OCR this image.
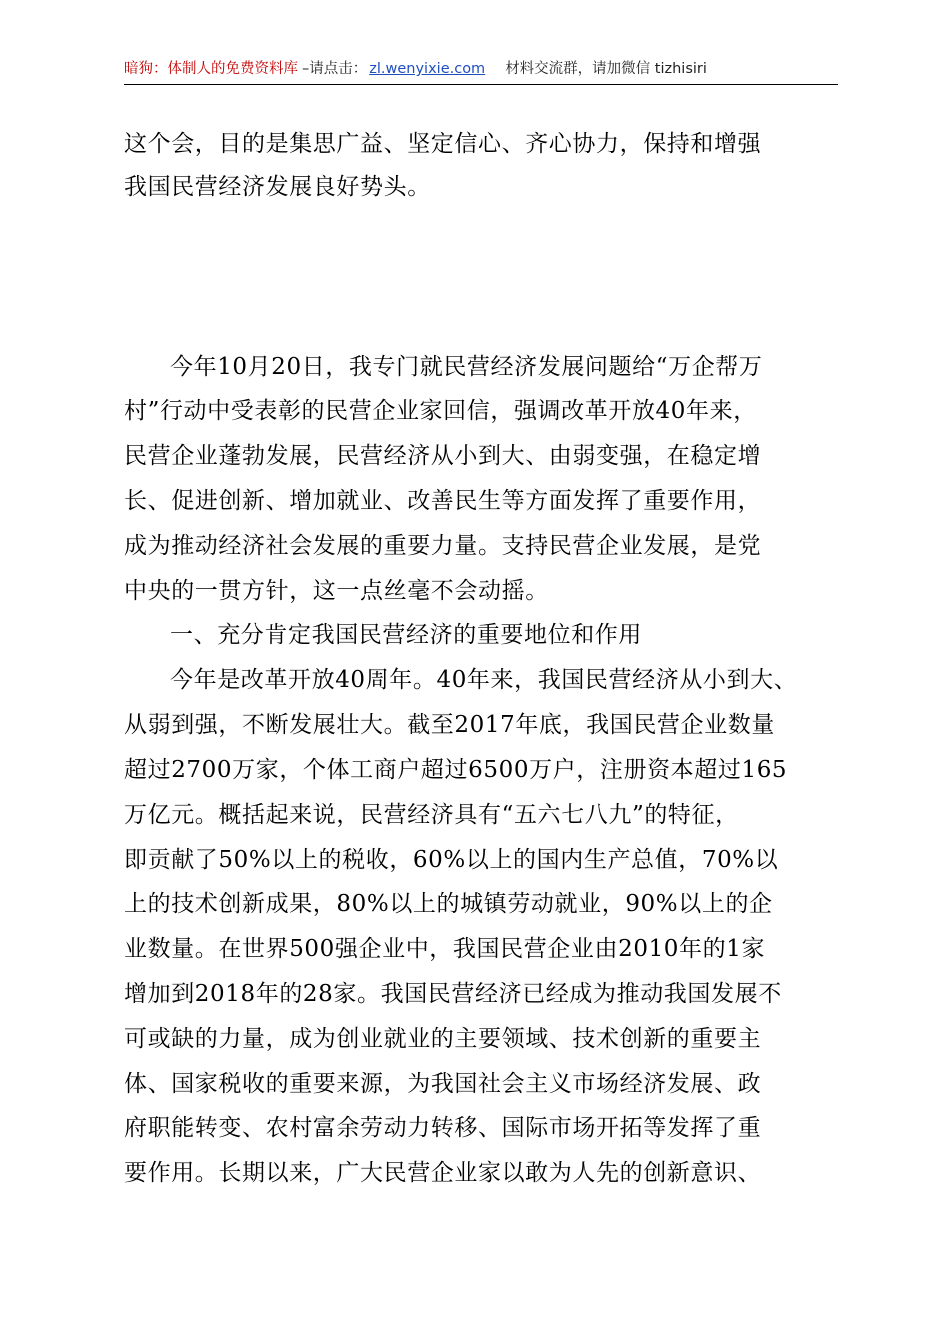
暗狗：体制人的免费资料库 –请点击： zl.wenyixie.com 材料交流群，请加微信 tizhisiri
这个会，目的是集思广益、坚定信心、齐心协力，保持和增强
我国民营经济发展良好势头。
今年10月20日，我专门就民营经济发展问题给“万企帮万
村”行动中受表彰的民营企业家回信，强调改革开放40年来，
民营企业蓬勃发展，民营经济从小到大、由弱变强，在稳定增
长、促进创新、增加就业、改善民生等方面发挥了重要作用，
成为推动经济社会发展的重要力量。支持民营企业发展，是党
中央的一贯方针，这一点丝毫不会动摇。
一、充分肯定我国民营经济的重要地位和作用
今年是改革开放40周年。40年来，我国民营经济从小到大、
从弱到强，不断发展壮大。截至2017年底，我国民营企业数量
超过2700万家，个体工商户超过6500万户，注册资本超过165
万亿元。概括起来说，民营经济具有“五六七八九”的特征，
即贡献了50%以上的税收，60%以上的国内生产总值，70%以
上的技术创新成果，80%以上的城镇劳动就业，90%以上的企
业数量。在世界500强企业中，我国民营企业由2010年的1家
增加到2018年的28家。我国民营经济已经成为推动我国发展不
可或缺的力量，成为创业就业的主要领域、技术创新的重要主
体、国家税收的重要来源，为我国社会主义市场经济发展、政
府职能转变、农村富余劳动力转移、国际市场开拓等发挥了重
要作用。长期以来，广大民营企业家以敢为人先的创新意识、
